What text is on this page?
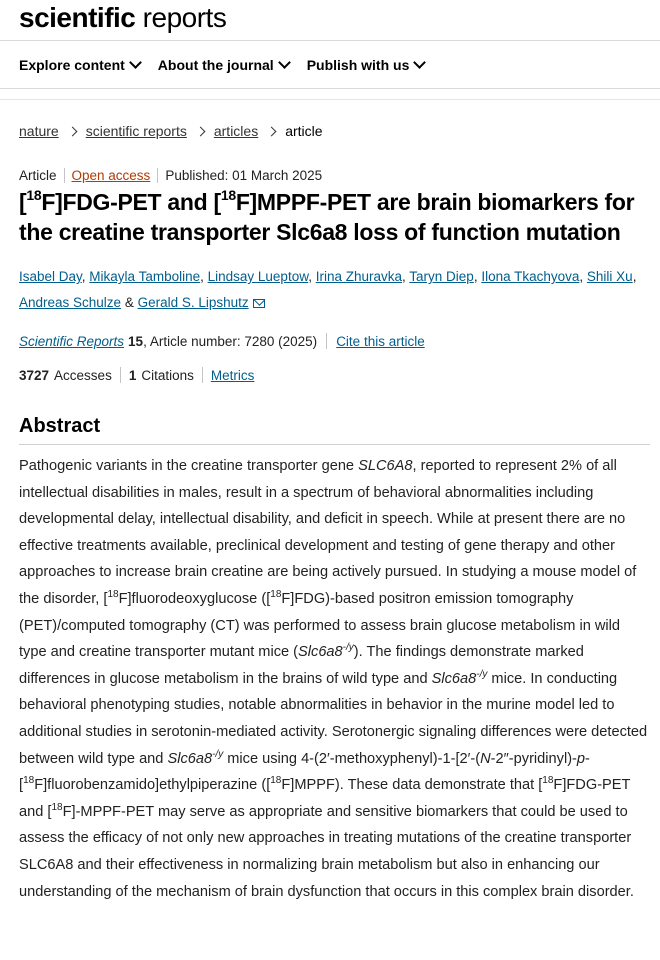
scientific reports
Explore content About the journal Publish with us
nature scientific reports articles article
Article	Open access	Published: 01 March 2025
[$^{18}$F]FDG-PET and [$^{18}$F]MPPF-PET are brain biomarkers for the creatine transporter Slc6a8 loss of function mutation
Isabel Day, Mikayla Tamboline, Lindsay Lueptow, Irina Zhuravka, Taryn Diep, Ilona Tkachyova, Shili Xu, Andreas Schulze & Gerald S. Lipshutz
Scientific Reports 15 , Article number: 7280 (2025) Cite this article
3727 Accesses 1 Citations Metrics
Abstract

Pathogenic variants in the creatine transporter gene SLC6A8, reported to represent 2% of all intellectual disabilities in males, result in a spectrum of behavioral abnormalities including developmental delay, intellectual disability, and deficit in speech. While at present there are no effective treatments available, preclinical development and testing of gene therapy and other approaches to increase brain creatine are being actively pursued. In studying a mouse model of the disorder, [$^{18}$F]fluorodeoxyglucose ([$^{18}$F]FDG)-based positron emission tomography (PET)/computed tomography (CT) was performed to assess brain glucose metabolism in wild type and creatine transporter mutant mice $(Slc6a8^{-/y})$. The findings demonstrate marked differences in glucose metabolism in the brains of wild type and $Slc6a8^{-/y}$ mice. In conducting behavioral phenotyping studies, notable abnormalities in behavior in the murine model led to additional studies in serotonin-mediated activity. Serotonergic signaling differences were detected between wild type and $Slc6a8^{-/y}$ mice using 4-(2′-methoxyphenyl)-1-[2′-(N-2″-pyridinyl)-p-[$^{18}$F]fluorobenzamido]ethylpiperazine ([$^{18}$F]MPPF). These data demonstrate that [$^{18}$F]FDG-PET and [$^{18}$F]-MPPF-PET may serve as appropriate and sensitive biomarkers that could be used to assess the efficacy of not only new approaches in treating mutations of the creatine transporter SLC6A8 and their effectiveness in normalizing brain metabolism but also in enhancing our understanding of the mechanism of brain dysfunction that occurs in this complex brain disorder.
